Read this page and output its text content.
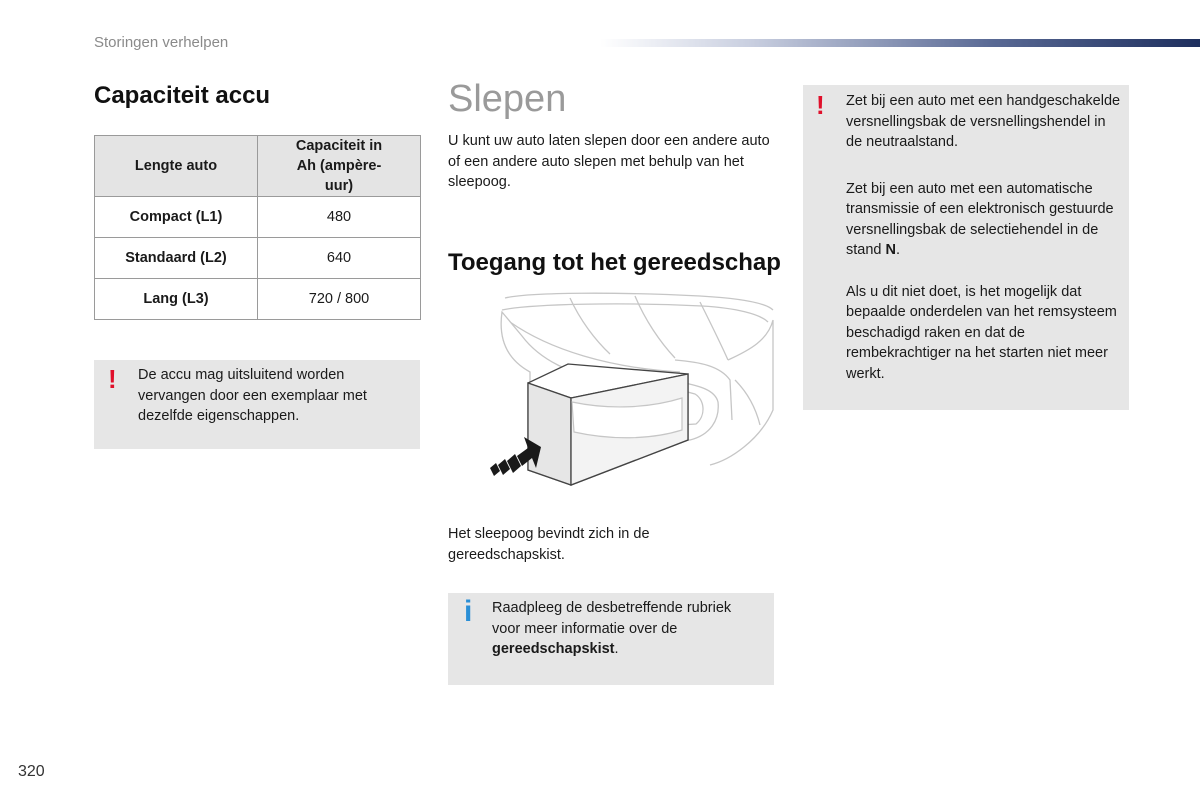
Storingen verhelpen
Capaciteit accu
Lengte auto	Capaciteit in Ah (ampère-uur)
Compact (L1)	480
Standaard (L2)	640
Lang (L3)	720 / 800
! De accu mag uitsluitend worden vervangen door een exemplaar met dezelfde eigenschappen.

Slepen

U kunt uw auto laten slepen door een andere auto of een andere auto slepen met behulp van het sleepoog.

Toegang tot het gereedschap

Het sleepoog bevindt zich in de gereedschapskist.

i Raadpleeg de desbetreffende rubriek voor meer informatie over de gereedschapskist.

! Zet bij een auto met een handgeschakelde versnellingsbak de versnellingshendel in de neutraalstand.

Zet bij een auto met een automatische transmissie of een elektronisch gestuurde versnellingsbak de selectiehendel in de stand N.

Als u dit niet doet, is het mogelijk dat bepaalde onderdelen van het remsysteem beschadigd raken en dat de rembekrachtiger na het starten niet meer werkt.

320
